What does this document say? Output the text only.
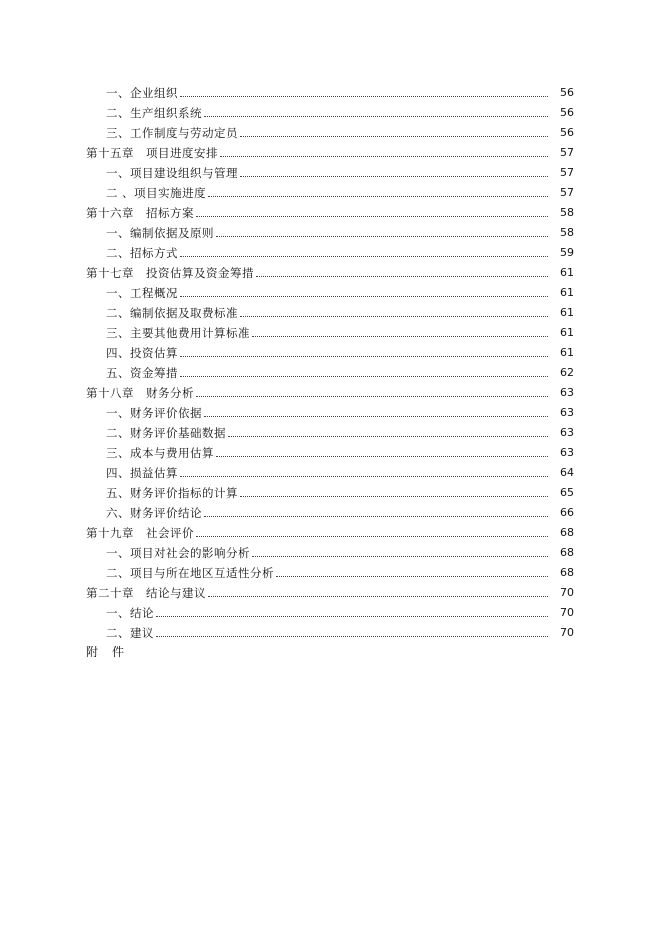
一、企业组织	56
二、生产组织系统	56
三、工作制度与劳动定员	56
第十五章　项目进度安排	57
一、项目建设组织与管理	57
二 、项目实施进度	57
第十六章　招标方案	58
一、编制依据及原则	58
二、招标方式	59
第十七章　投资估算及资金筹措	61
一、工程概况	61
二、编制依据及取费标准	61
三、主要其他费用计算标准	61
四、投资估算	61
五、资金筹措	62
第十八章　财务分析	63
一、财务评价依据	63
二、财务评价基础数据	63
三、成本与费用估算	63
四、损益估算	64
五、财务评价指标的计算	65
六、财务评价结论	66
第十九章　社会评价	68
一、项目对社会的影响分析	68
二、项目与所在地区互适性分析	68
第二十章　结论与建议	70
一、结论	70
二、建议	70
附　件
